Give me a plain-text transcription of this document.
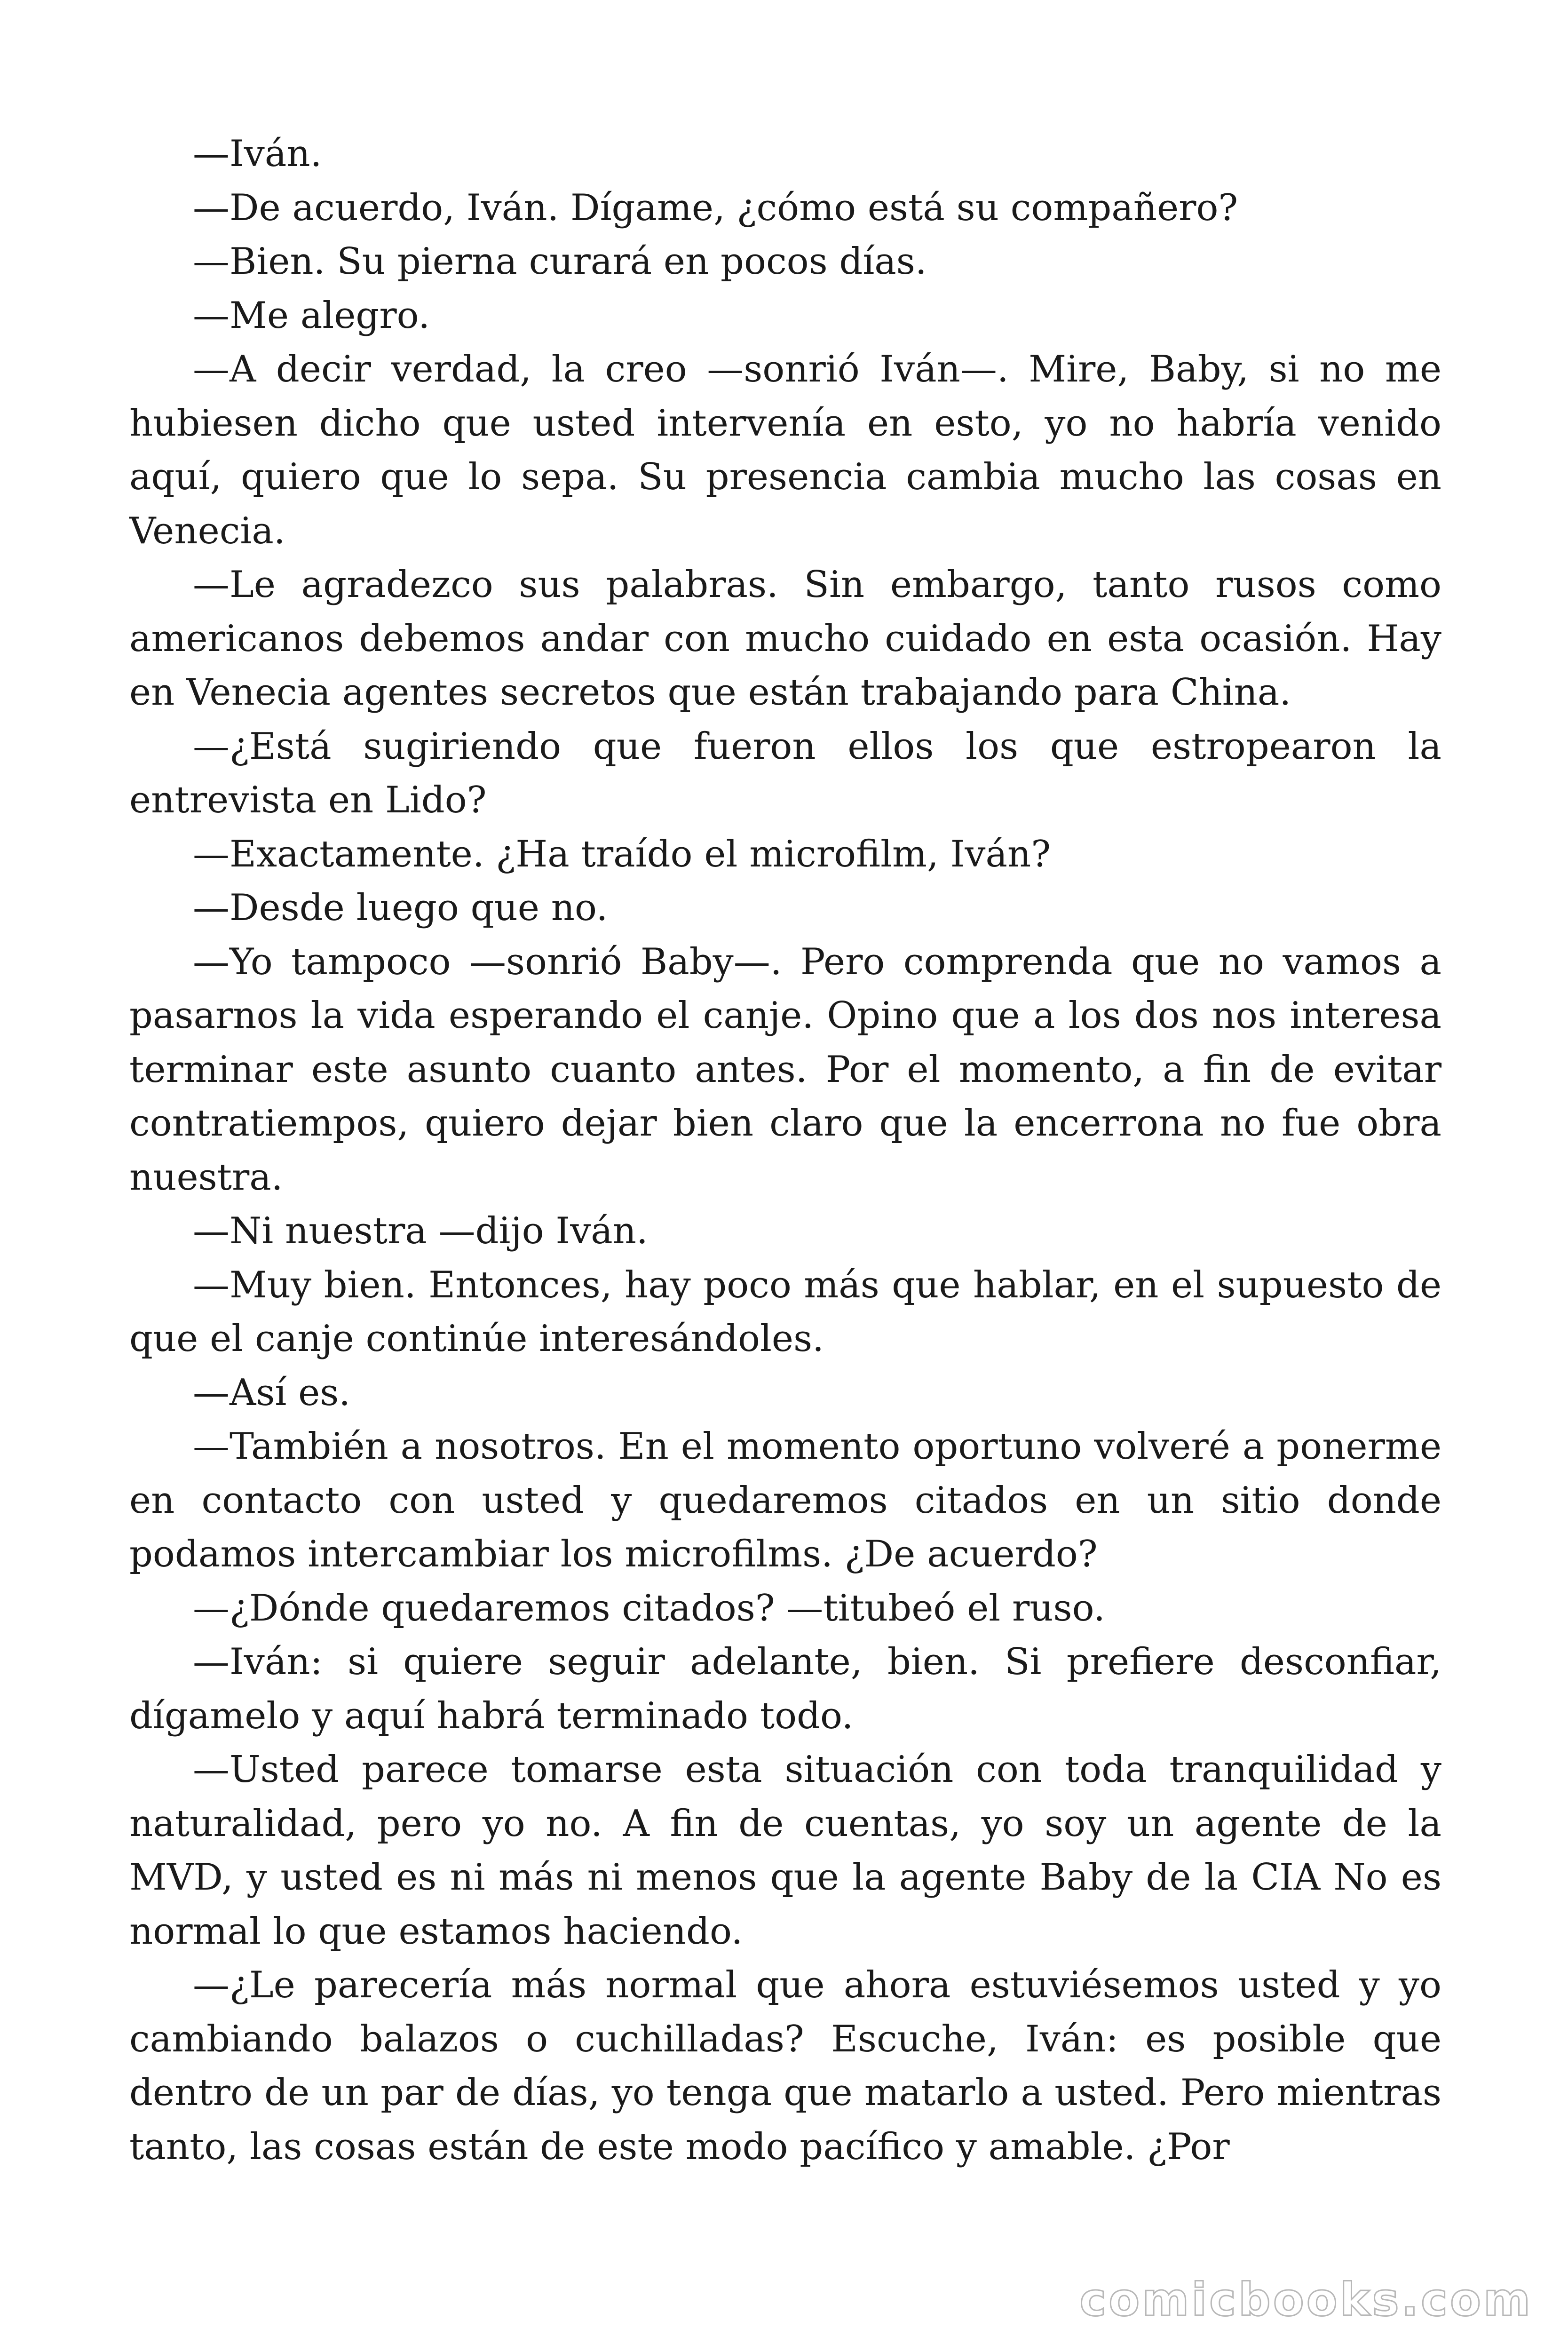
—Iván.

—De acuerdo, Iván. Dígame, ¿cómo está su compañero?

—Bien. Su pierna curará en pocos días.

—Me alegro.

—A decir verdad, la creo —sonrió Iván—. Mire, Baby, si no me hubiesen dicho que usted intervenía en esto, yo no habría venido aquí, quiero que lo sepa. Su presencia cambia mucho las cosas en Venecia.

—Le agradezco sus palabras. Sin embargo, tanto rusos como americanos debemos andar con mucho cuidado en esta ocasión. Hay en Venecia agentes secretos que están trabajando para China.

—¿Está sugiriendo que fueron ellos los que estropearon la entrevista en Lido?

—Exactamente. ¿Ha traído el microfilm, Iván?

—Desde luego que no.

—Yo tampoco —sonrió Baby—. Pero comprenda que no vamos a pasarnos la vida esperando el canje. Opino que a los dos nos interesa terminar este asunto cuanto antes. Por el momento, a fin de evitar contratiempos, quiero dejar bien claro que la encerrona no fue obra nuestra.

—Ni nuestra —dijo Iván.

—Muy bien. Entonces, hay poco más que hablar, en el supuesto de que el canje continúe interesándoles.

—Así es.

—También a nosotros. En el momento oportuno volveré a ponerme en contacto con usted y quedaremos citados en un sitio donde podamos intercambiar los microfilms. ¿De acuerdo?

—¿Dónde quedaremos citados? —titubeó el ruso.

—Iván: si quiere seguir adelante, bien. Si prefiere desconfiar, dígamelo y aquí habrá terminado todo.

—Usted parece tomarse esta situación con toda tranquilidad y naturalidad, pero yo no. A fin de cuentas, yo soy un agente de la MVD, y usted es ni más ni menos que la agente Baby de la CIA No es normal lo que estamos haciendo.

—¿Le parecería más normal que ahora estuviésemos usted y yo cambiando balazos o cuchilladas? Escuche, Iván: es posible que dentro de un par de días, yo tenga que matarlo a usted. Pero mientras tanto, las cosas están de este modo pacífico y amable. ¿Por

comicbooks.com
